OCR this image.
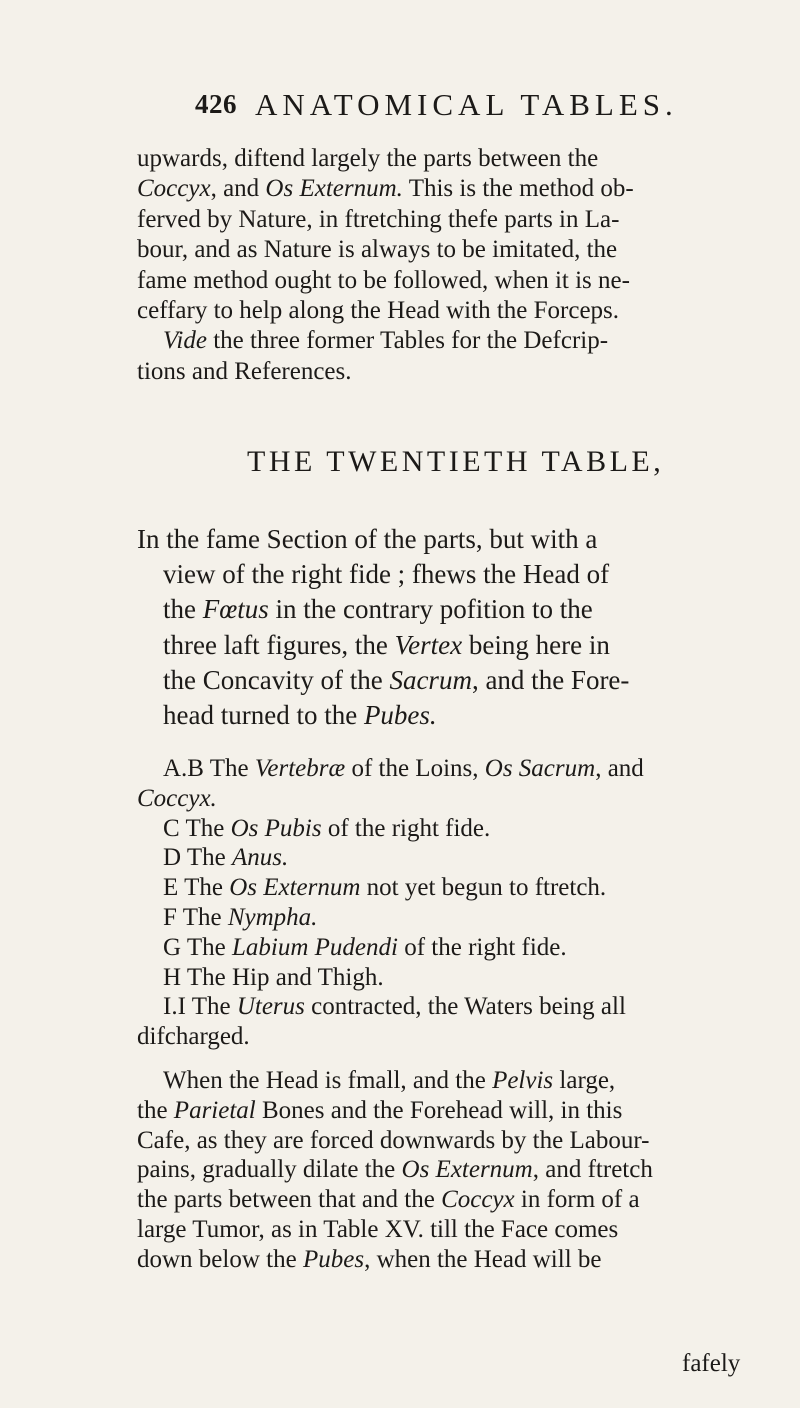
426 ANATOMICAL TABLES.
upwards, diftend largely the parts between the
Coccyx, and Os Externum. This is the method ob-
ferved by Nature, in ftretching thefe parts in La-
bour, and as Nature is always to be imitated, the
fame method ought to be followed, when it is ne-
ceffary to help along the Head with the Forceps.
Vide the three former Tables for the Defcrip-
tions and References.
THE TWENTIETH TABLE,
In the fame Section of the parts, but with a
view of the right fide ; fhews the Head of
the Fœtus in the contrary pofition to the
three laft figures, the Vertex being here in
the Concavity of the Sacrum, and the Fore-
head turned to the Pubes.
A.B The Vertebræ of the Loins, Os Sacrum, and
Coccyx.
C The Os Pubis of the right fide.
D The Anus.
E The Os Externum not yet begun to ftretch.
F The Nympha.
G The Labium Pudendi of the right fide.
H The Hip and Thigh.
I.I The Uterus contracted, the Waters being all
difcharged.
When the Head is fmall, and the Pelvis large,
the Parietal Bones and the Forehead will, in this
Cafe, as they are forced downwards by the Labour-
pains, gradually dilate the Os Externum, and ftretch
the parts between that and the Coccyx in form of a
large Tumor, as in Table XV. till the Face comes
down below the Pubes, when the Head will be
fafely
